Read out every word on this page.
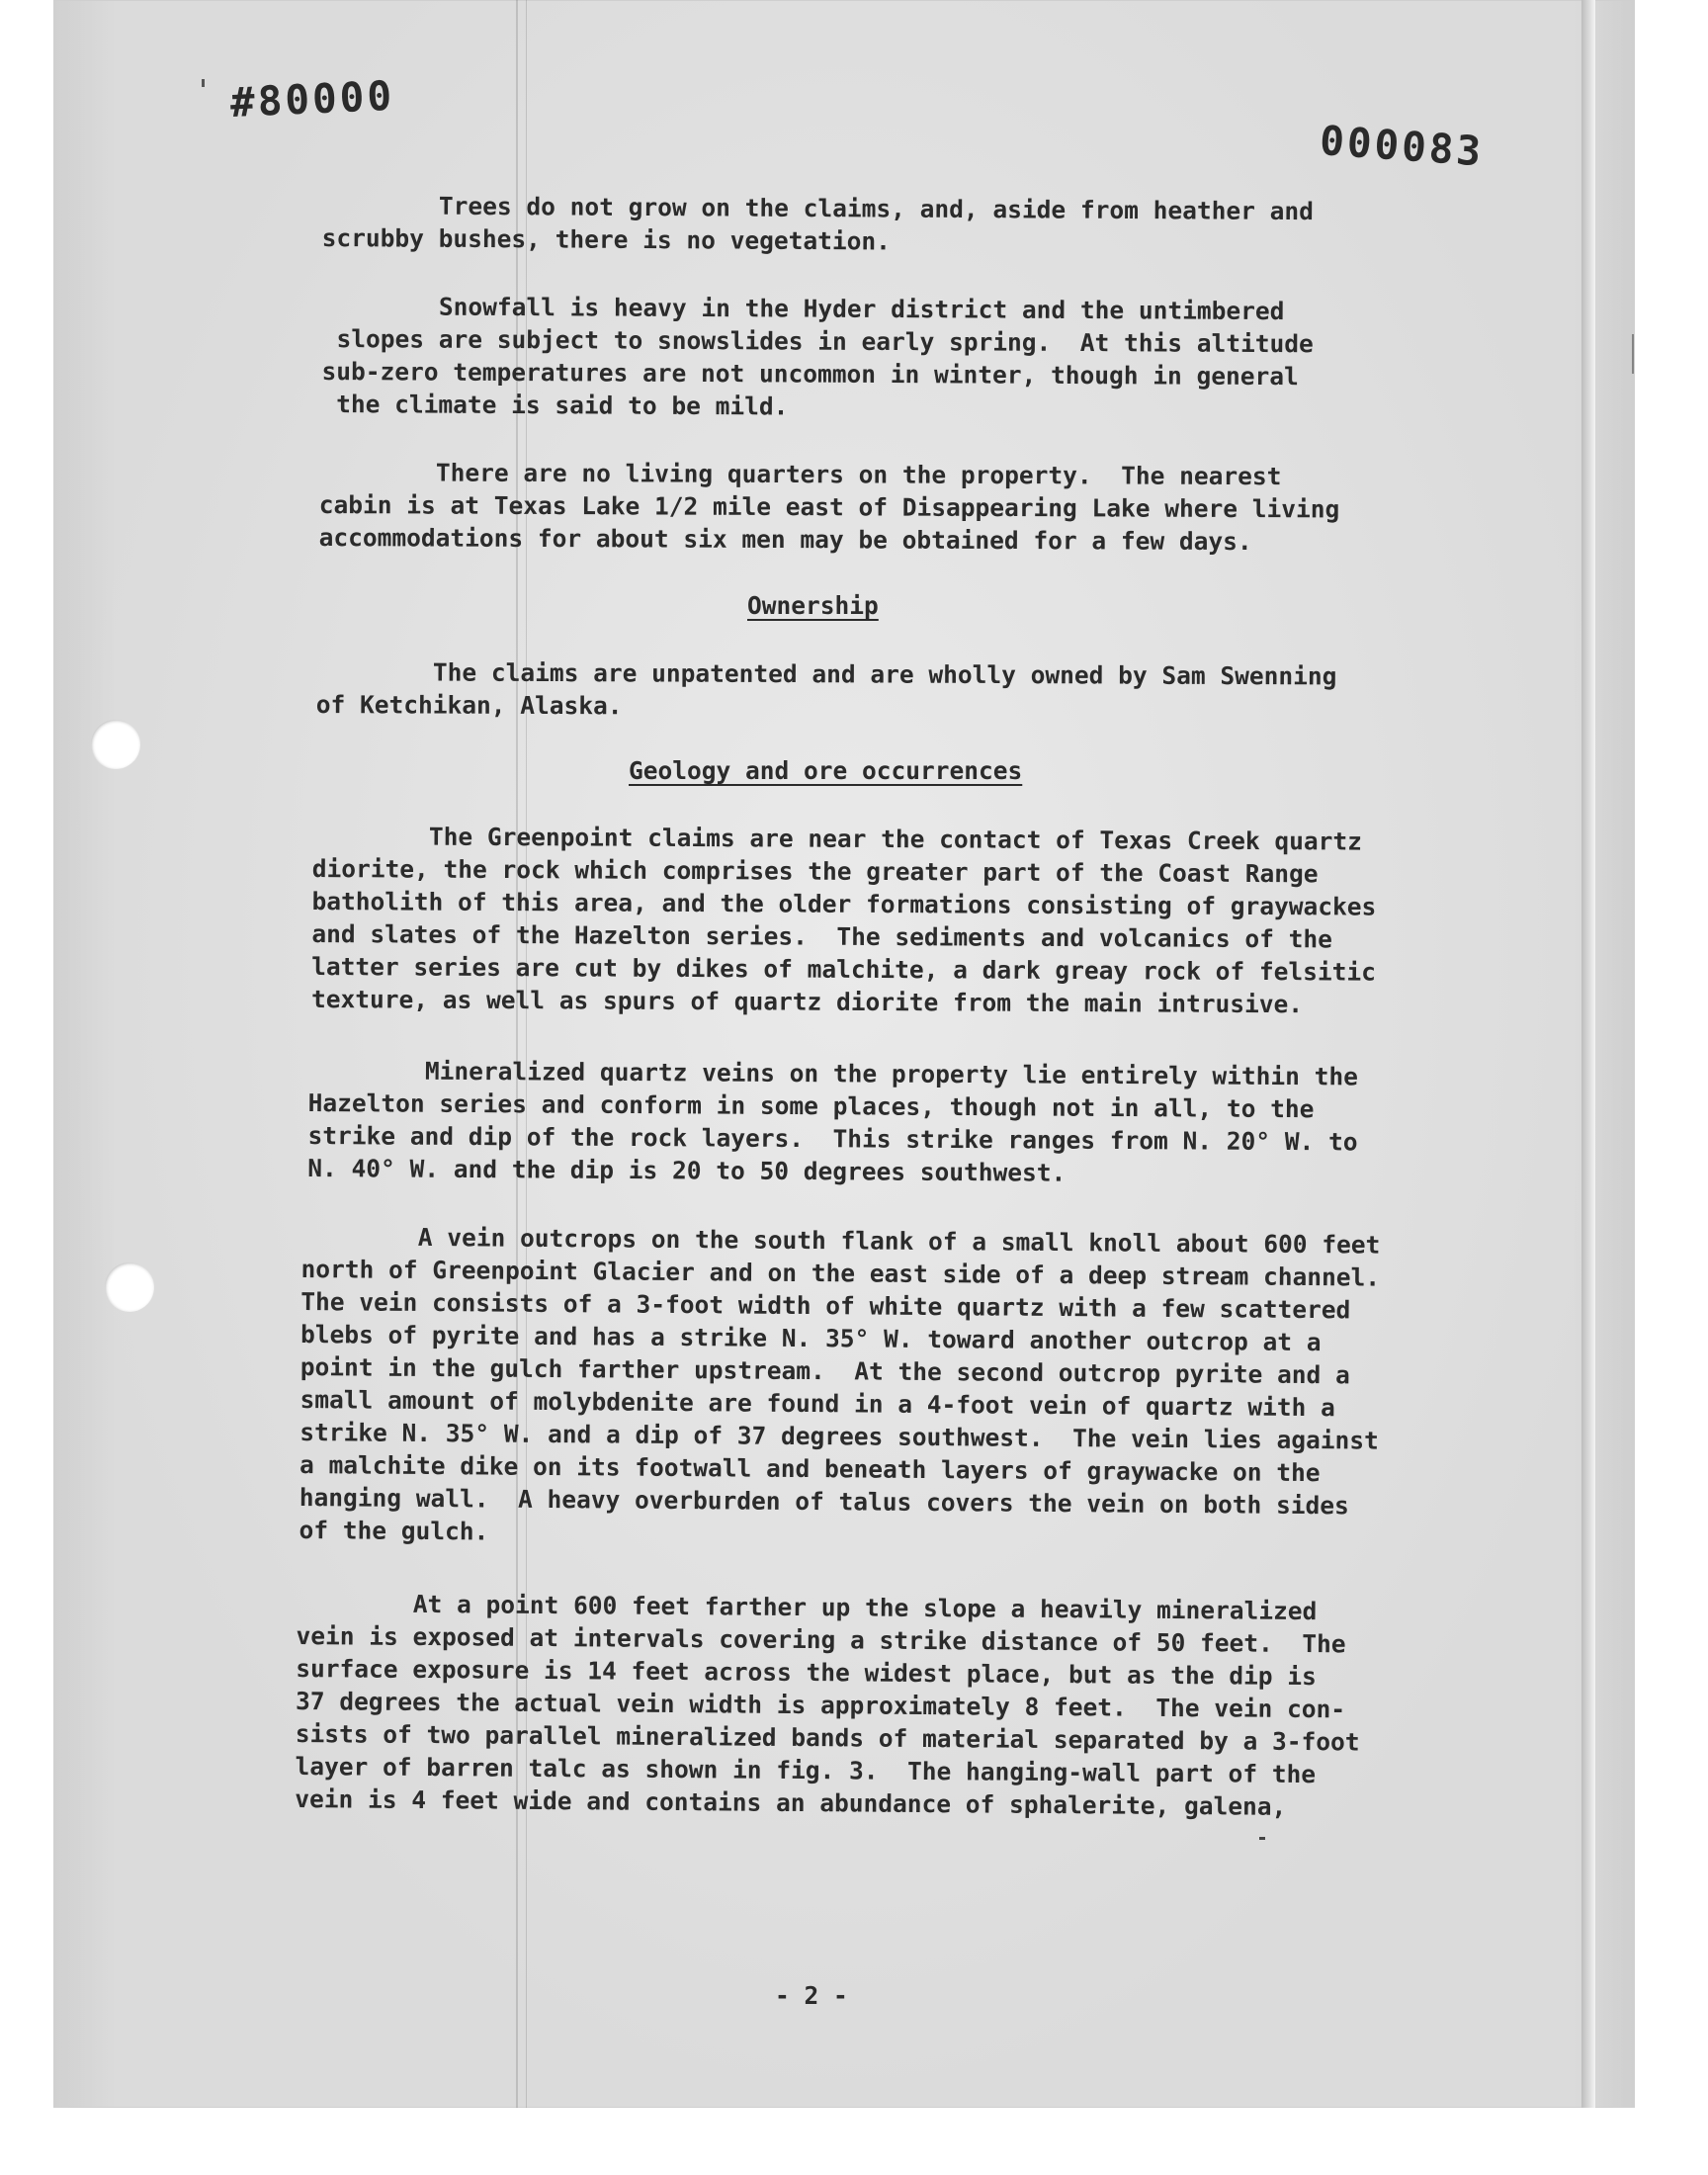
#80000
000083

Trees do not grow on the claims, and, aside from heather and
scrubby bushes, there is no vegetation.

Snowfall is heavy in the Hyder district and the untimbered
slopes are subject to snowslides in early spring.  At this altitude
sub-zero temperatures are not uncommon in winter, though in general
the climate is said to be mild.

There are no living quarters on the property.  The nearest
cabin is at Texas Lake 1/2 mile east of Disappearing Lake where living
accommodations for about six men may be obtained for a few days.

Ownership

The claims are unpatented and are wholly owned by Sam Swenning
of Ketchikan, Alaska.

Geology and ore occurrences

The Greenpoint claims are near the contact of Texas Creek quartz
diorite, the rock which comprises the greater part of the Coast Range
batholith of this area, and the older formations consisting of graywackes
and slates of the Hazelton series.  The sediments and volcanics of the
latter series are cut by dikes of malchite, a dark greay rock of felsitic
texture, as well as spurs of quartz diorite from the main intrusive.

Mineralized quartz veins on the property lie entirely within the
Hazelton series and conform in some places, though not in all, to the
strike and dip of the rock layers.  This strike ranges from N. 20° W. to
N. 40° W. and the dip is 20 to 50 degrees southwest.

A vein outcrops on the south flank of a small knoll about 600 feet
north of Greenpoint Glacier and on the east side of a deep stream channel.
The vein consists of a 3-foot width of white quartz with a few scattered
blebs of pyrite and has a strike N. 35° W. toward another outcrop at a
point in the gulch farther upstream.  At the second outcrop pyrite and a
small amount of molybdenite are found in a 4-foot vein of quartz with a
strike N. 35° W. and a dip of 37 degrees southwest.  The vein lies against
a malchite dike on its footwall and beneath layers of graywacke on the
hanging wall.  A heavy overburden of talus covers the vein on both sides
of the gulch.

At a point 600 feet farther up the slope a heavily mineralized
vein is exposed at intervals covering a strike distance of 50 feet.  The
surface exposure is 14 feet across the widest place, but as the dip is
37 degrees the actual vein width is approximately 8 feet.  The vein con-
sists of two parallel mineralized bands of material separated by a 3-foot
layer of barren talc as shown in fig. 3.  The hanging-wall part of the
vein is 4 feet wide and contains an abundance of sphalerite, galena,

- 2 -
